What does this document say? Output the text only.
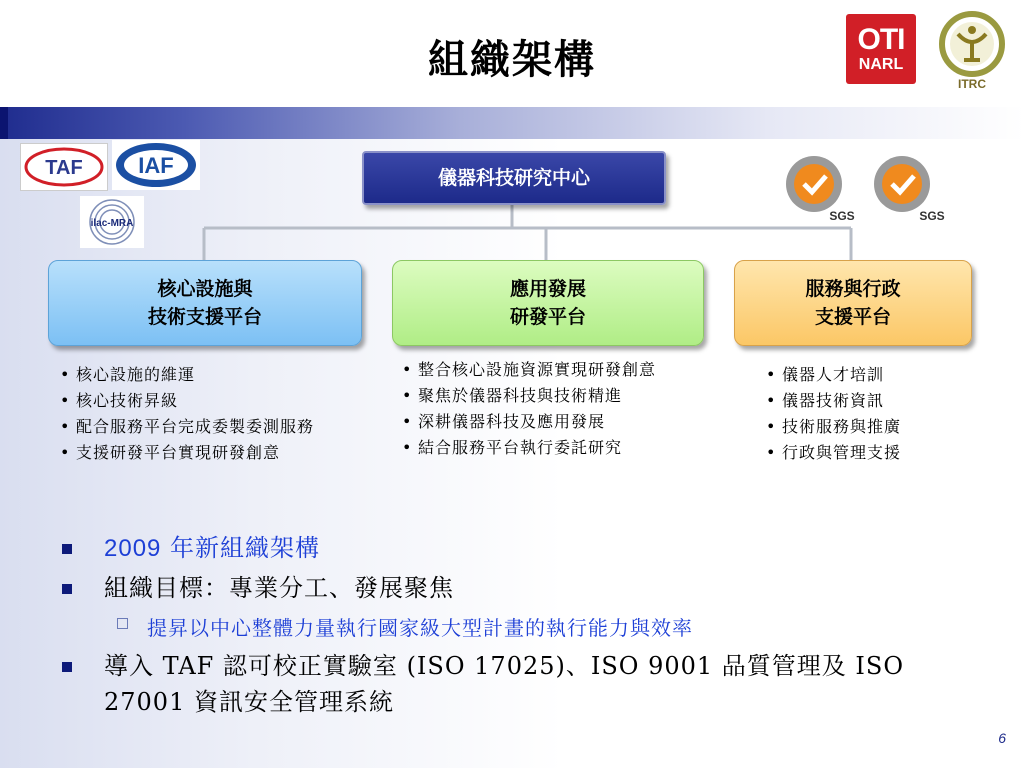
組織架構	OTI
NARL
ITRC
TAF	IAF
ilac-MRA
SGS	SGS
儀器科技研究中心
核心設施與
技術支援平台
應用發展
研發平台
服務與行政
支援平台
• 核心設施的維運
• 核心技術昇級
• 配合服務平台完成委製委測服務
• 支援研發平台實現研發創意
• 整合核心設施資源實現研發創意
• 聚焦於儀器科技與技術精進
• 深耕儀器科技及應用發展
• 結合服務平台執行委託研究
• 儀器人才培訓
• 儀器技術資訊
• 技術服務與推廣
• 行政與管理支援
2009 年新組織架構
組織目標：專業分工、發展聚焦
提昇以中心整體力量執行國家級大型計畫的執行能力與效率
導入 TAF 認可校正實驗室 (ISO 17025)、ISO 9001 品質管理及 ISO 27001 資訊安全管理系統
6
